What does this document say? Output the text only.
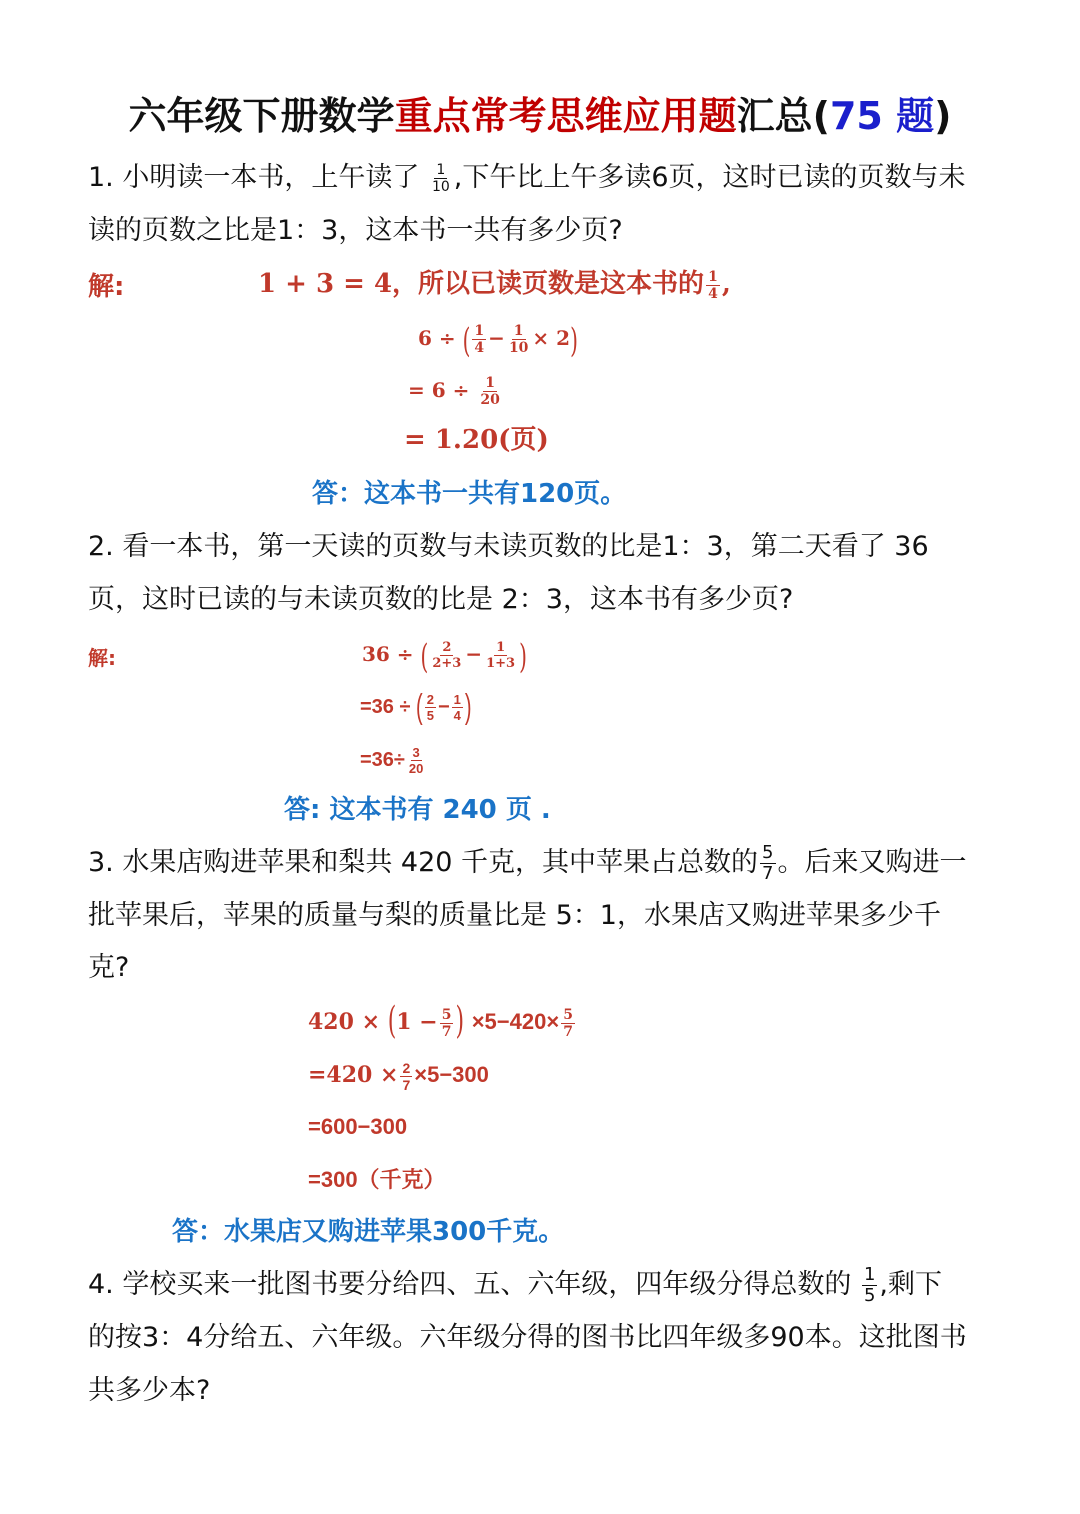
六年级下册数学重点常考思维应用题汇总(75 题)
1. 小明读一本书，上午读了 $\frac{1}{10}$ ,下午比上午多读6页，这时已读的页数与未
读的页数之比是1：3，这本书一共有多少页?
解:	1 + 3 = 4，所以已读页数是这本书的 $\frac{1}{4}$ ,
6 ÷ ( $\frac{1}{4} - \frac{1}{10} \times 2$)
= $6 \div \frac{1}{20}$
= 1.20(页)
答：这本书一共有120页。
2. 看一本书，第一天读的页数与未读页数的比是1：3，第二天看了 36
页，这时已读的与未读页数的比是 2：3，这本书有多少页?
解:	36 ÷ ( $\frac{2}{2+3} - \frac{1}{1+3}$ )
=36 ÷ ( $\frac{2}{5} - \frac{1}{4}$ )
$=36\div \frac{3}{20}$
答: 这本书有 240 页 .
3. 水果店购进苹果和梨共 420 千克，其中苹果占总数的 $\frac{5}{7}$ 。后来又购进一
批苹果后，苹果的质量与梨的质量比是 5：1，水果店又购进苹果多少千
克?
$420 \times (1 - \frac{5}{7}$ ) $\times 5-420\times \frac{5}{7}$
$=420 \times \frac{2}{7} \times 5-300$
=600−300
=300（千克）
答：水果店又购进苹果300千克。
4. 学校买来一批图书要分给四、五、六年级，四年级分得总数的 $\frac{1}{5}$ ,剩下
的按3：4分给五、六年级。六年级分得的图书比四年级多90本。这批图书
共多少本?
